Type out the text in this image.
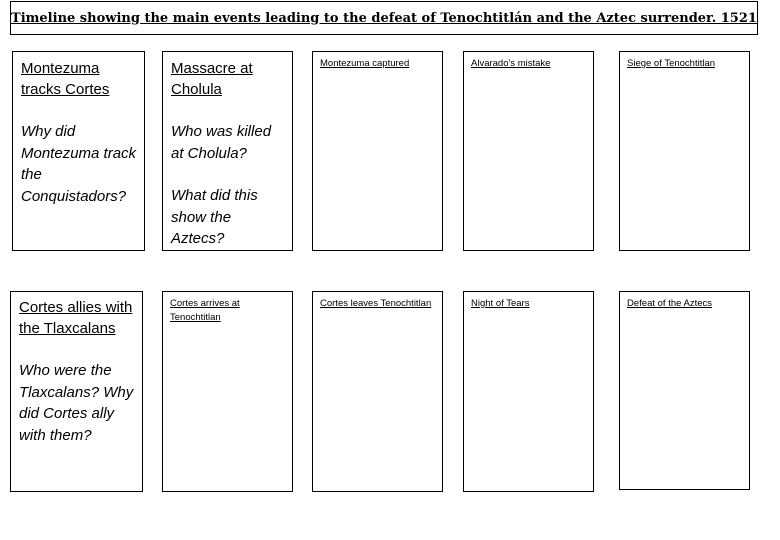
Timeline showing the main events leading to the defeat of Tenochtitlán and the Aztec surrender. 1521

Montezuma tracks Cortes

Why did Montezuma track the Conquistadors?

Massacre at Cholula

Who was killed at Cholula?

What did this show the Aztecs?

Montezuma captured	Alvarado's mistake	Siege of Tenochtitlan

Cortes allies with the Tlaxcalans

Who were the Tlaxcalans? Why did Cortes ally with them?

Cortes arrives at Tenochtitlan

Cortes leaves Tenochtitlan	Night of Tears	Defeat of the Aztecs
